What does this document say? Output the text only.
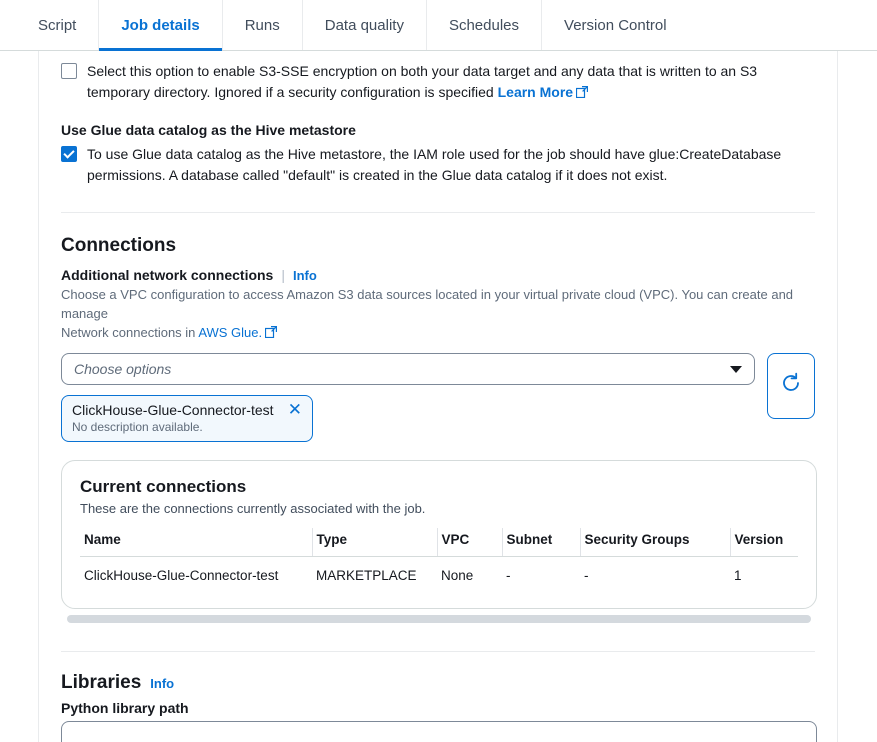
Script	Job details	Runs	Data quality	Schedules	Version Control
Select this option to enable S3-SSE encryption on both your data target and any data that is written to an S3 temporary directory. Ignored if a security configuration is specified Learn More
Use Glue data catalog as the Hive metastore
To use Glue data catalog as the Hive metastore, the IAM role used for the job should have glue:CreateDatabase permissions. A database called "default" is created in the Glue data catalog if it does not exist.
Connections
Additional network connections | Info
Choose a VPC configuration to access Amazon S3 data sources located in your virtual private cloud (VPC). You can create and manage
Network connections in AWS Glue.
Choose options
ClickHouse-Glue-Connector-test
No description available.
✕
Current connections
These are the connections currently associated with the job.
Name	Type	VPC	Subnet	Security Groups	Version
ClickHouse-Glue-Connector-test	MARKETPLACE	None	-	-	1
Libraries Info
Python library path
